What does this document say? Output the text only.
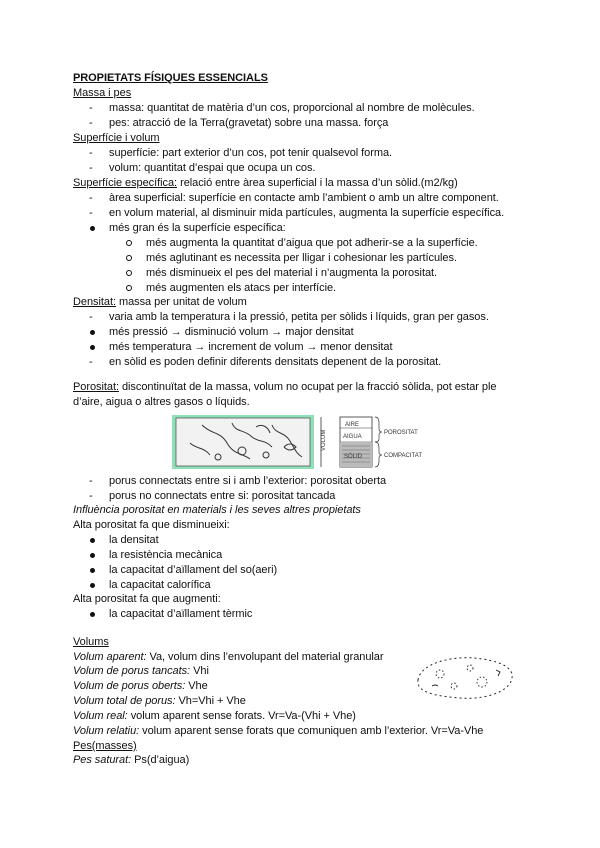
PROPIETATS FÍSIQUES ESSENCIALS
Massa i pes
- massa: quantitat de matèria d’un cos, proporcional al nombre de molècules.
- pes: atracció de la Terra(gravetat) sobre una massa. força
Superfície i volum
- superfície: part exterior d’un cos, pot tenir qualsevol forma.
- volum: quantitat d’espai que ocupa un cos.
Superfície específica: relació entre àrea superficial i la massa d’un sòlid.(m2/kg)
- àrea superficial: superfície en contacte amb l’ambient o amb un altre component.
- en volum material, al disminuir mida partícules, augmenta la superfície específica.
més gran és la superfície específica:
més augmenta la quantitat d’aigua que pot adherir-se a la superfície.
més aglutinant es necessita per lligar i cohesionar les partícules.
més disminueix el pes del material i n’augmenta la porositat.
més augmenten els atacs per interfície.
Densitat: massa per unitat de volum
- varia amb la temperatura i la pressió, petita per sòlids i líquids, gran per gasos.
més pressió → disminució volum → major densitat
més temperatura → increment de volum → menor densitat
- en sòlid es poden definir diferents densitats depenent de la porositat.
Porositat: discontinuïtat de la massa, volum no ocupat per la fracció sòlida, pot estar ple
d’aire, aigua o altres gasos o líquids.
VOLUM
AIRE
AIGUA
SÒLID
POROSITAT
COMPACITAT
- porus connectats entre si i amb l’exterior: porositat oberta
- porus no connectats entre si: porositat tancada
Influència porositat en materials i les seves altres propietats
Alta porositat fa que disminueixi:
la densitat
la resistència mecànica
la capacitat d’aïllament del so(aeri)
la capacitat calorífica
Alta porositat fa que augmenti:
la capacitat d’aïllament tèrmic
Volums
Volum aparent: Va, volum dins l’envolupant del material granular
Volum de porus tancats: Vhi
Volum de porus oberts: Vhe
Volum total de porus: Vh=Vhi + Vhe
Volum real: volum aparent sense forats. Vr=Va-(Vhi + Vhe)
Volum relatiu: volum aparent sense forats que comuniquen amb l’exterior. Vr=Va-Vhe
Pes(masses)
Pes saturat: Ps(d’aigua)
